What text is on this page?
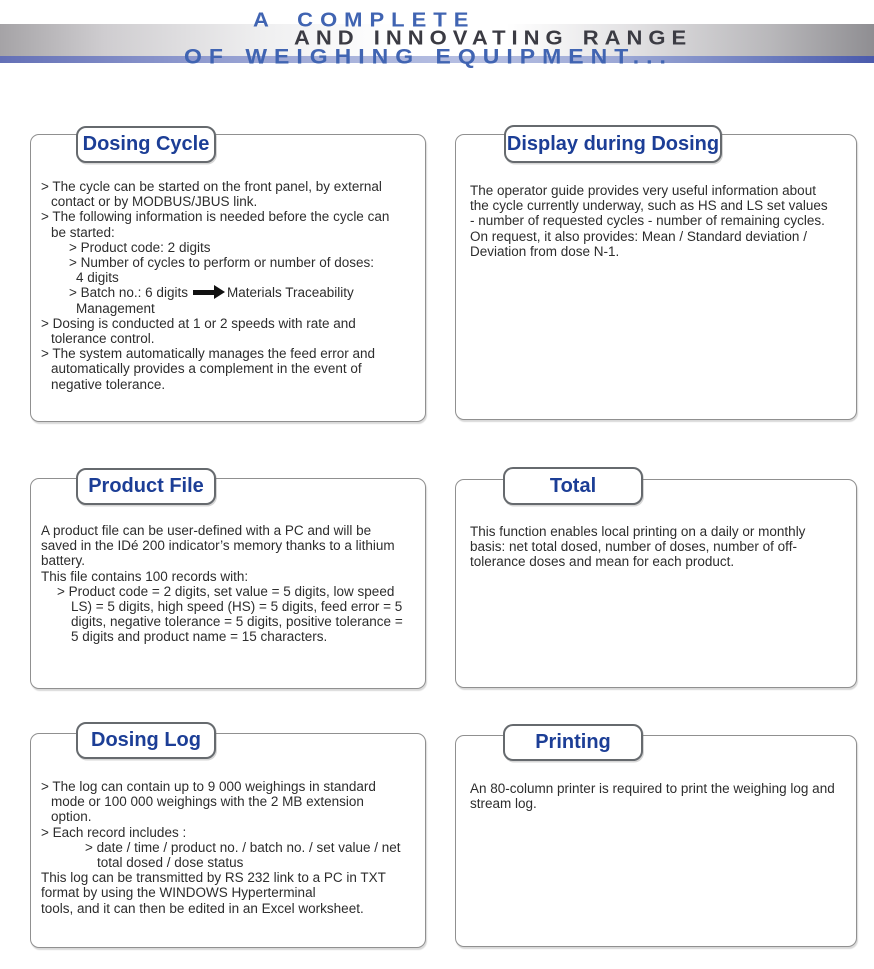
A COMPLETE
AND INNOVATING RANGE
OF WEIGHING EQUIPMENT...
Dosing Cycle
> The cycle can be started on the front panel, by external
contact or by MODBUS/JBUS link.
> The following information is needed before the cycle can
be started:
> Product code: 2 digits
> Number of cycles to perform or number of doses:
4 digits
> Batch no.: 6 digits	Materials Traceability
Management
> Dosing is conducted at 1 or 2 speeds with rate and
tolerance control.
> The system automatically manages the feed error and
automatically provides a complement in the event of
negative tolerance.
Display during Dosing
The operator guide provides very useful information about
the cycle currently underway, such as HS and LS set values
- number of requested cycles - number of remaining cycles.
On request, it also provides: Mean / Standard deviation /
Deviation from dose N-1.
Product File
A product file can be user-defined with a PC and will be
saved in the IDé 200 indicator’s memory thanks to a lithium
battery.
This file contains 100 records with:
> Product code = 2 digits, set value = 5 digits, low speed
LS) = 5 digits, high speed (HS) = 5 digits, feed error = 5
digits, negative tolerance = 5 digits, positive tolerance =
5 digits and product name = 15 characters.
Total
This function enables local printing on a daily or monthly
basis: net total dosed, number of doses, number of off-
tolerance doses and mean for each product.
Dosing Log
> The log can contain up to 9 000 weighings in standard
mode or 100 000 weighings with the 2 MB extension
option.
> Each record includes :
> date / time / product no. / batch no. / set value / net
total dosed / dose status
This log can be transmitted by RS 232 link to a PC in TXT
format by using the WINDOWS Hyperterminal
tools, and it can then be edited in an Excel worksheet.
Printing
An 80-column printer is required to print the weighing log and
stream log.
